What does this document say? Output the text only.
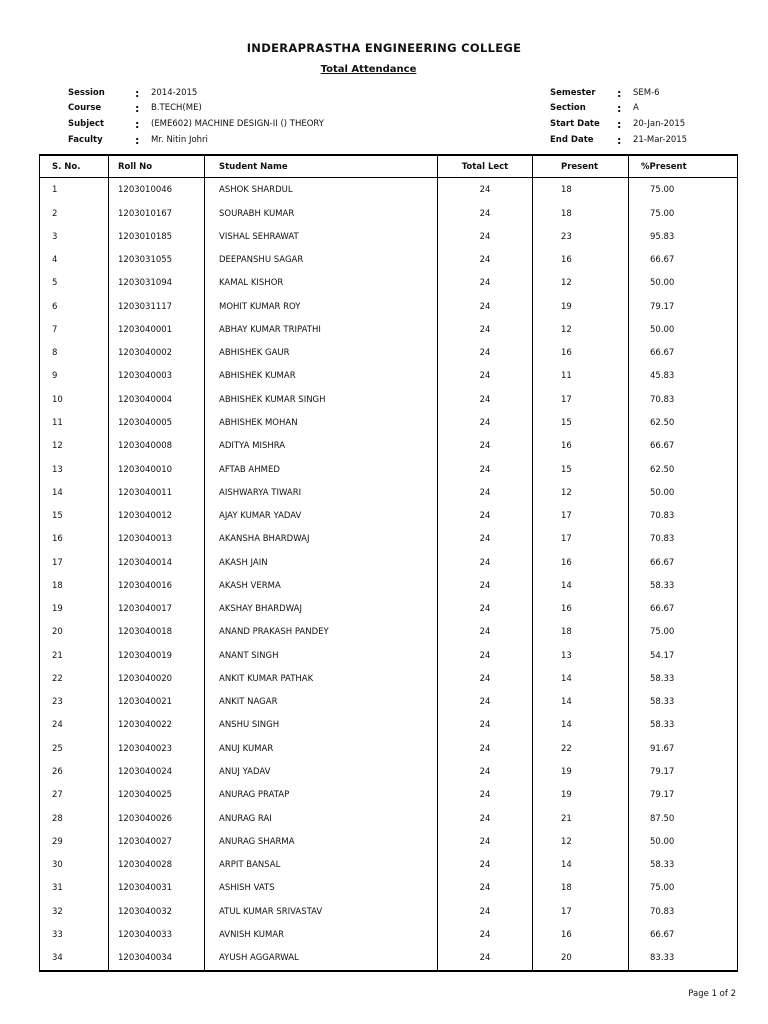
INDERAPRASTHA ENGINEERING COLLEGE
Total Attendance
Session	: 2014-2015
Course	: B.TECH(ME)
Subject	: (EME602) MACHINE DESIGN-II () THEORY
Faculty	: Mr. Nitin Johri
Semester : SEM-6
Section	: A
Start Date : 20-Jan-2015
End Date : 21-Mar-2015
S. No.	Roll No	Student Name	Total Lect	Present	%Present
1	1203010046	ASHOK SHARDUL	24	18	75.00
2	1203010167	SOURABH KUMAR	24	18	75.00
3	1203010185	VISHAL SEHRAWAT	24	23	95.83
4	1203031055	DEEPANSHU SAGAR	24	16	66.67
5	1203031094	KAMAL KISHOR	24	12	50.00
6	1203031117	MOHIT KUMAR ROY	24	19	79.17
7	1203040001	ABHAY KUMAR TRIPATHI	24	12	50.00
8	1203040002	ABHISHEK GAUR	24	16	66.67
9	1203040003	ABHISHEK KUMAR	24	11	45.83
10	1203040004	ABHISHEK KUMAR SINGH	24	17	70.83
11	1203040005	ABHISHEK MOHAN	24	15	62.50
12	1203040008	ADITYA MISHRA	24	16	66.67
13	1203040010	AFTAB AHMED	24	15	62.50
14	1203040011	AISHWARYA TIWARI	24	12	50.00
15	1203040012	AJAY KUMAR YADAV	24	17	70.83
16	1203040013	AKANSHA BHARDWAJ	24	17	70.83
17	1203040014	AKASH JAIN	24	16	66.67
18	1203040016	AKASH VERMA	24	14	58.33
19	1203040017	AKSHAY BHARDWAJ	24	16	66.67
20	1203040018	ANAND PRAKASH PANDEY	24	18	75.00
21	1203040019	ANANT SINGH	24	13	54.17
22	1203040020	ANKIT KUMAR PATHAK	24	14	58.33
23	1203040021	ANKIT NAGAR	24	14	58.33
24	1203040022	ANSHU SINGH	24	14	58.33
25	1203040023	ANUJ KUMAR	24	22	91.67
26	1203040024	ANUJ YADAV	24	19	79.17
27	1203040025	ANURAG PRATAP	24	19	79.17
28	1203040026	ANURAG RAI	24	21	87.50
29	1203040027	ANURAG SHARMA	24	12	50.00
30	1203040028	ARPIT BANSAL	24	14	58.33
31	1203040031	ASHISH VATS	24	18	75.00
32	1203040032	ATUL KUMAR SRIVASTAV	24	17	70.83
33	1203040033	AVNISH KUMAR	24	16	66.67
34	1203040034	AYUSH AGGARWAL	24	20	83.33
Page 1 of 2
